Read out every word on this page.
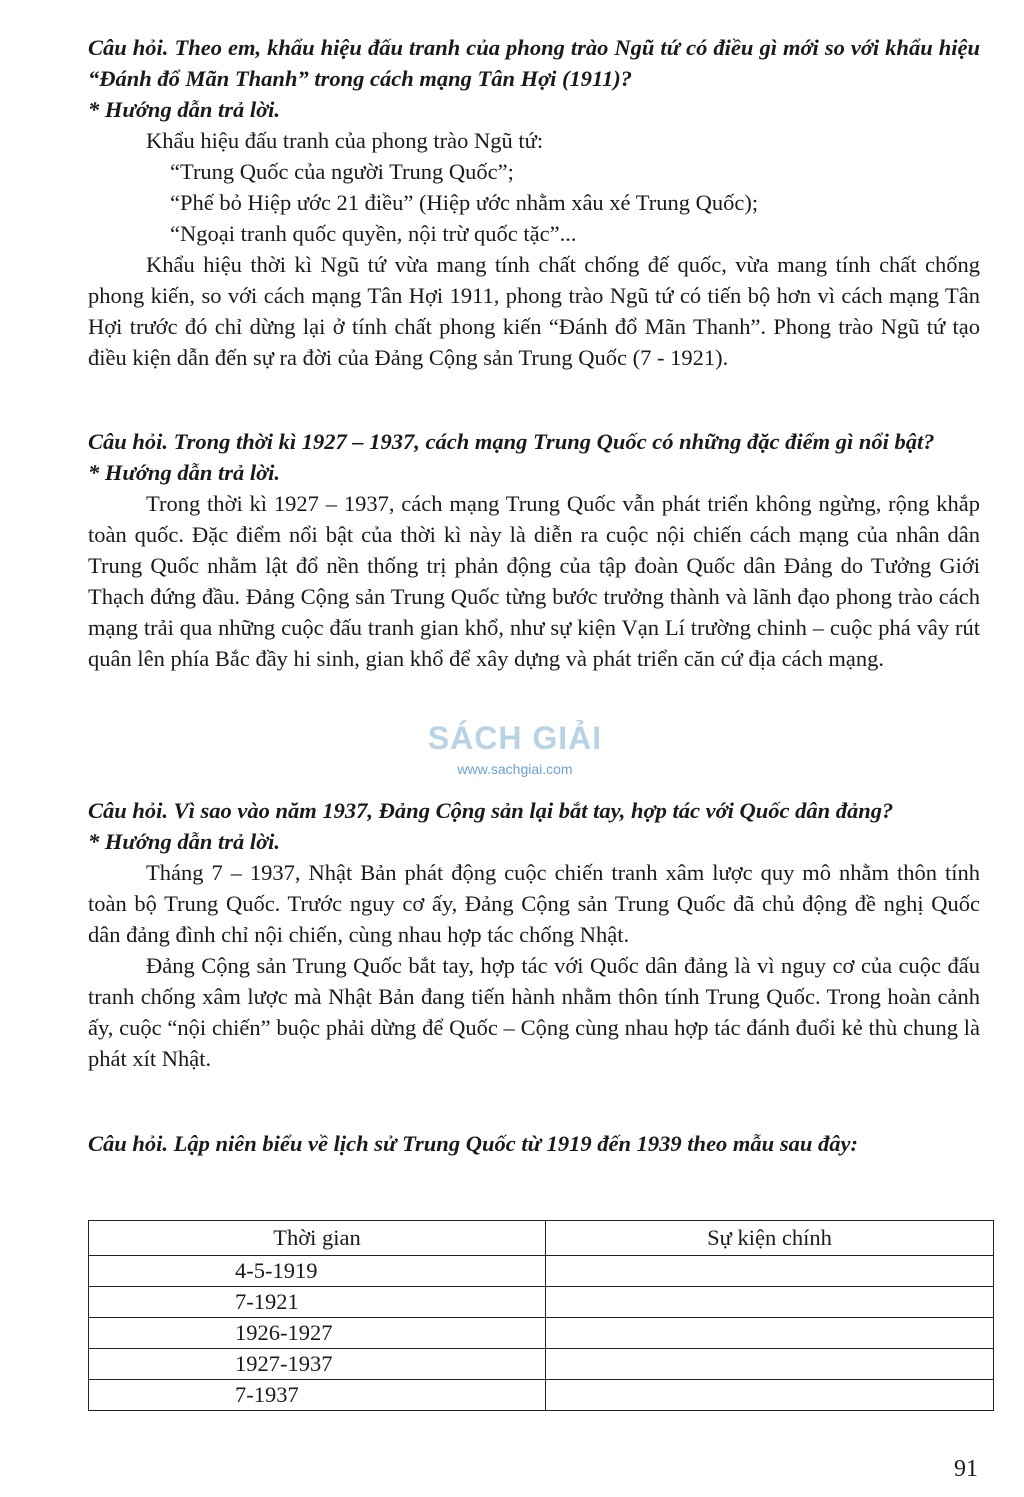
Câu hỏi. Theo em, khẩu hiệu đấu tranh của phong trào Ngũ tứ có điều gì mới so với khẩu hiệu “Đánh đổ Mãn Thanh” trong cách mạng Tân Hợi (1911)?

* Hướng dẫn trả lời.

Khẩu hiệu đấu tranh của phong trào Ngũ tứ:

“Trung Quốc của người Trung Quốc”;

“Phế bỏ Hiệp ước 21 điều” (Hiệp ước nhằm xâu xé Trung Quốc);

“Ngoại tranh quốc quyền, nội trừ quốc tặc”...

Khẩu hiệu thời kì Ngũ tứ vừa mang tính chất chống đế quốc, vừa mang tính chất chống phong kiến, so với cách mạng Tân Hợi 1911, phong trào Ngũ tứ có tiến bộ hơn vì cách mạng Tân Hợi trước đó chỉ dừng lại ở tính chất phong kiến “Đánh đổ Mãn Thanh”. Phong trào Ngũ tứ tạo điều kiện dẫn đến sự ra đời của Đảng Cộng sản Trung Quốc (7 - 1921).

Câu hỏi. Trong thời kì 1927 – 1937, cách mạng Trung Quốc có những đặc điểm gì nổi bật?

* Hướng dẫn trả lời.

Trong thời kì 1927 – 1937, cách mạng Trung Quốc vẫn phát triển không ngừng, rộng khắp toàn quốc. Đặc điểm nổi bật của thời kì này là diễn ra cuộc nội chiến cách mạng của nhân dân Trung Quốc nhằm lật đổ nền thống trị phản động của tập đoàn Quốc dân Đảng do Tưởng Giới Thạch đứng đầu. Đảng Cộng sản Trung Quốc từng bước trưởng thành và lãnh đạo phong trào cách mạng trải qua những cuộc đấu tranh gian khổ, như sự kiện Vạn Lí trường chinh – cuộc phá vây rút quân lên phía Bắc đầy hi sinh, gian khổ để xây dựng và phát triển căn cứ địa cách mạng.

Câu hỏi. Vì sao vào năm 1937, Đảng Cộng sản lại bắt tay, hợp tác với Quốc dân đảng?

* Hướng dẫn trả lời.

Tháng 7 – 1937, Nhật Bản phát động cuộc chiến tranh xâm lược quy mô nhằm thôn tính toàn bộ Trung Quốc. Trước nguy cơ ấy, Đảng Cộng sản Trung Quốc đã chủ động đề nghị Quốc dân đảng đình chỉ nội chiến, cùng nhau hợp tác chống Nhật.

Đảng Cộng sản Trung Quốc bắt tay, hợp tác với Quốc dân đảng là vì nguy cơ của cuộc đấu tranh chống xâm lược mà Nhật Bản đang tiến hành nhằm thôn tính Trung Quốc. Trong hoàn cảnh ấy, cuộc “nội chiến” buộc phải dừng để Quốc – Cộng cùng nhau hợp tác đánh đuổi kẻ thù chung là phát xít Nhật.

Câu hỏi. Lập niên biểu về lịch sử Trung Quốc từ 1919 đến 1939 theo mẫu sau đây:

Thời gian	Sự kiện chính
4-5-1919	
7-1921	
1926-1927	
1927-1937	
7-1937	
SÁCH GIẢI
www.sachgiai.com
91
